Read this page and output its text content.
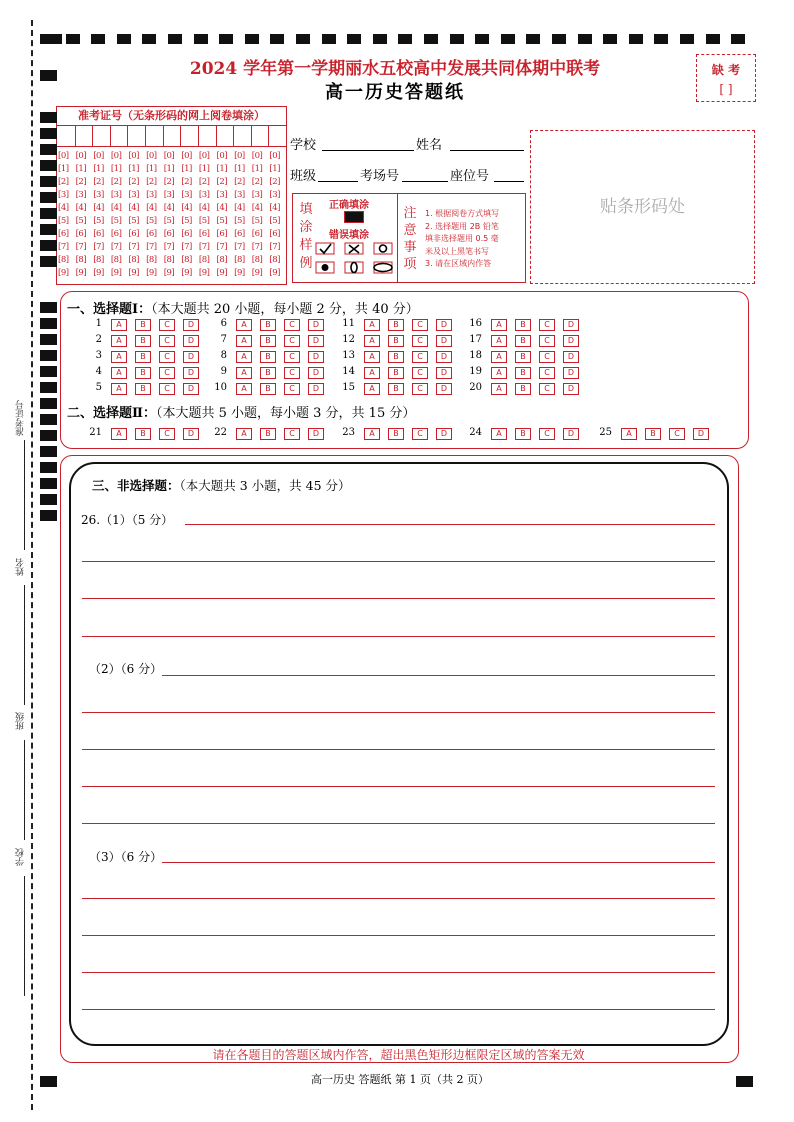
准考证号
姓名
班级
学校
2024 学年第一学期丽水五校高中发展共同体期中联考
高一历史答题纸
缺 考
[ ]
准考证号（无条形码的网上阅卷填涂）
[0] [0] [0] [0] [0] [0] [0] [0] [0] [0] [0] [0] [0]
[1] [1] [1] [1] [1] [1] [1] [1] [1] [1] [1] [1] [1]
[2] [2] [2] [2] [2] [2] [2] [2] [2] [2] [2] [2] [2]
[3] [3] [3] [3] [3] [3] [3] [3] [3] [3] [3] [3] [3]
[4] [4] [4] [4] [4] [4] [4] [4] [4] [4] [4] [4] [4]
[5] [5] [5] [5] [5] [5] [5] [5] [5] [5] [5] [5] [5]
[6] [6] [6] [6] [6] [6] [6] [6] [6] [6] [6] [6] [6]
[7] [7] [7] [7] [7] [7] [7] [7] [7] [7] [7] [7] [7]
[8] [8] [8] [8] [8] [8] [8] [8] [8] [8] [8] [8] [8]
[9] [9] [9] [9] [9] [9] [9] [9] [9] [9] [9] [9] [9]
学校	姓名
班级	考场号	座位号
正确填涂
错误填涂
1. 根据阅卷方式填写
2. 选择题用 2B 铅笔
填非选择题用 0.5 毫
米及以上黑笔书写
3. 请在区域内作答
填
涂
样
例
注
意
事
项
贴条形码处
一、选择题Ⅰ：（本大题共 20 小题，每小题 2 分，共 40 分）
二、选择题Ⅱ：（本大题共 5 小题，每小题 3 分，共 15 分）
1	A	B	C	D
2	A	B	C	D
3	A	B	C	D
4	A	B	C	D
5	A	B	C	D
6	A	B	C	D
7	A	B	C	D
8	A	B	C	D
9	A	B	C	D
10	A	B	C	D
11	A	B	C	D
12	A	B	C	D
13	A	B	C	D
14	A	B	C	D
15	A	B	C	D
16	A	B	C	D
17	A	B	C	D
18	A	B	C	D
19	A	B	C	D
20	A	B	C	D
21	A	B	C	D	22	A	B	C	D	23	A	B	C	D	24	A	B	C	D	25	A	B	C	D
三、非选择题：（本大题共 3 小题，共 45 分）
26.（1）（5 分）
（2）（6 分）
（3）（6 分）
请在各题目的答题区域内作答，超出黑色矩形边框限定区域的答案无效
高一历史 答题纸 第 1 页（共 2 页）
